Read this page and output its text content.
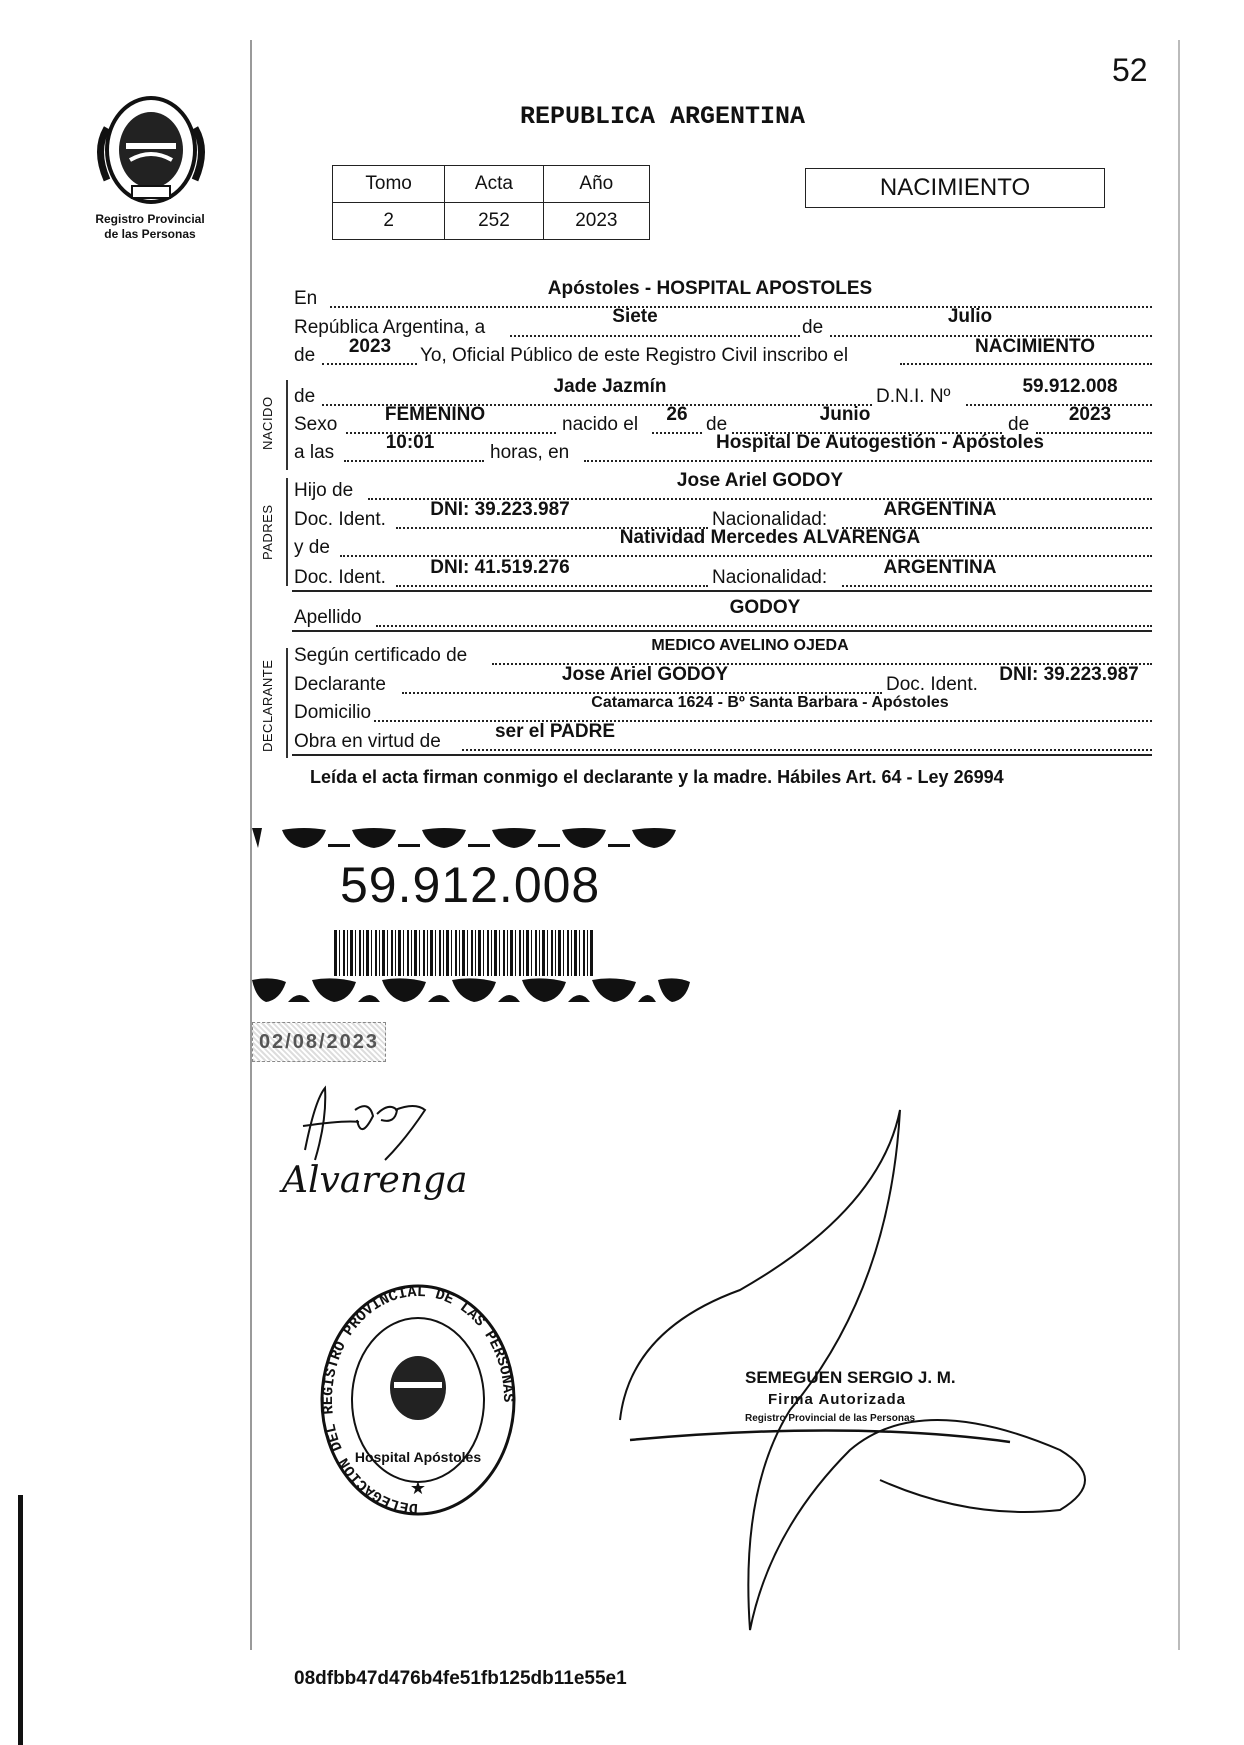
Registro Provincial
de las Personas
52
REPUBLICA ARGENTINA
Tomo	Acta	Año
2	252	2023
NACIMIENTO
NACIDO
PADRES
DECLARANTE
En	Apóstoles - HOSPITAL APOSTOLES
República Argentina, a
Siete
de
Julio
de	2023	Yo, Oficial Público de este Registro Civil inscribo el	NACIMIENTO
de	Jade Jazmín	D.N.I. Nº	59.912.008
Sexo	FEMENINO	nacido el	26 de	Junio	de	2023
a las	10:01	horas, en	Hospital De Autogestión - Apóstoles
Hijo de	Jose Ariel GODOY
Doc. Ident.	DNI: 39.223.987	Nacionalidad:	ARGENTINA
y de	Natividad Mercedes ALVARENGA
Doc. Ident.	DNI: 41.519.276	Nacionalidad:	ARGENTINA
Apellido	GODOY
Según certificado de	MEDICO AVELINO OJEDA
Declarante	Jose Ariel GODOY	Doc. Ident.	DNI: 39.223.987
Domicilio	Catamarca 1624 - Bº Santa Barbara - Apóstoles
Obra en virtud de	ser el PADRE
Leída el acta firman conmigo el declarante y la madre. Hábiles Art. 64 - Ley 26994
59.912.008
02/08/2023
Alvarenga
DELEGACION DEL REGISTRO PROVINCIAL DE LAS PERSONAS
Hospital Apóstoles
★
SEMEGUEN SERGIO J. M.
Firma Autorizada
Registro Provincial de las Personas
08dfbb47d476b4fe51fb125db11e55e1
